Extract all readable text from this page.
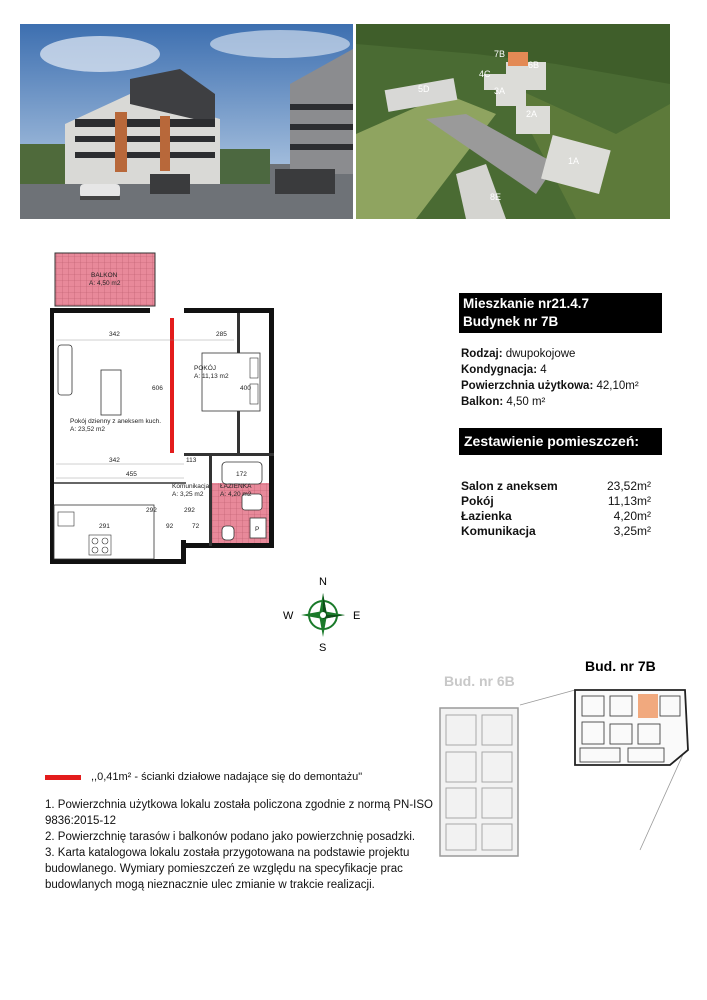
7B
4C
6B
5D	3A
2A
1A
8E
P
BALKON
A: 4,50 m2
POKÓJ
A: 11,13 m2
Pokój dzienny z aneksem kuch.
A: 23,52 m2
Komunikacja
A: 3,25 m2
ŁAZIENKA
A: 4,20 m2
342	285
606	400
342	113
455	172
292	292
291	92	72
Mieszkanie nr21.4.7
Budynek nr 7B
Rodzaj: dwupokojowe
Kondygnacja: 4
Powierzchnia użytkowa: 42,10m²
Balkon: 4,50 m²
Zestawienie pomieszczeń:
Salon z aneksem	23,52m²
Pokój	11,13m²
Łazienka	4,20m²
Komunikacja	3,25m²
N
S
E
W
Bud. nr 6B
Bud. nr 7B
,,0,41m² - ścianki działowe nadające się do demontażu"

1. Powierzchnia użytkowa lokalu została policzona zgodnie z normą PN-ISO 9836:2015-12

2. Powierzchnię tarasów i balkonów podano jako powierzchnię posadzki.

3. Karta katalogowa lokalu została przygotowana na podstawie projektu budowlanego. Wymiary pomieszczeń ze względu na specyfikacje prac budowlanych mogą nieznacznie ulec zmianie w trakcie realizacji.
